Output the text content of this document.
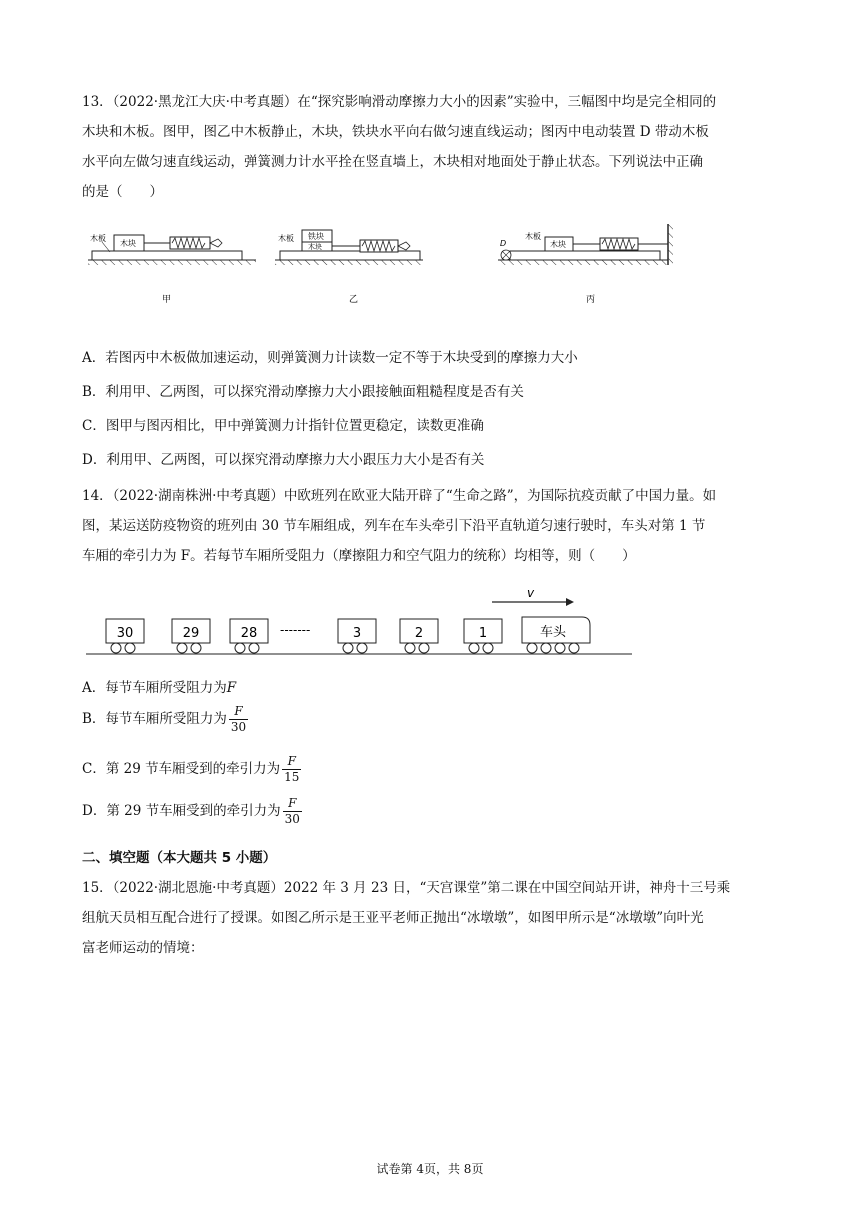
13．（2022·黑龙江大庆·中考真题）在“探究影响滑动摩擦力大小的因素”实验中，三幅图中均是完全相同的
木块和木板。图甲，图乙中木板静止，木块，铁块水平向右做匀速直线运动；图丙中电动装置 D 带动木板
水平向左做匀速直线运动，弹簧测力计水平拴在竖直墙上，木块相对地面处于静止状态。下列说法中正确
的是（　　）
木板
木块
甲
木板 铁块
木块
乙
D
木板
木块
丙
A．若图丙中木板做加速运动，则弹簧测力计读数一定不等于木块受到的摩擦力大小
B．利用甲、乙两图，可以探究滑动摩擦力大小跟接触面粗糙程度是否有关
C．图甲与图丙相比，甲中弹簧测力计指针位置更稳定，读数更准确
D．利用甲、乙两图，可以探究滑动摩擦力大小跟压力大小是否有关
14．（2022·湖南株洲·中考真题）中欧班列在欧亚大陆开辟了“生命之路”，为国际抗疫贡献了中国力量。如
图，某运送防疫物资的班列由 30 节车厢组成，列车在车头牵引下沿平直轨道匀速行驶时，车头对第 1 节
车厢的牵引力为 F。若每节车厢所受阻力（摩擦阻力和空气阻力的统称）均相等，则（　　）
v
30	29	28 -------	3	2	1	车头
A．每节车厢所受阻力为F
B．每节车厢所受阻力为 $\frac{F}{30}$
C．第 29 节车厢受到的牵引力为 $\frac{F}{15}$
D．第 29 节车厢受到的牵引力为 $\frac{F}{30}$
二、填空题（本大题共 5 小题）
15．（2022·湖北恩施·中考真题）2022 年 3 月 23 日，“天宫课堂”第二课在中国空间站开讲，神舟十三号乘
组航天员相互配合进行了授课。如图乙所示是王亚平老师正抛出“冰墩墩”，如图甲所示是“冰墩墩”向叶光
富老师运动的情境：
试卷第 4页，共 8页
